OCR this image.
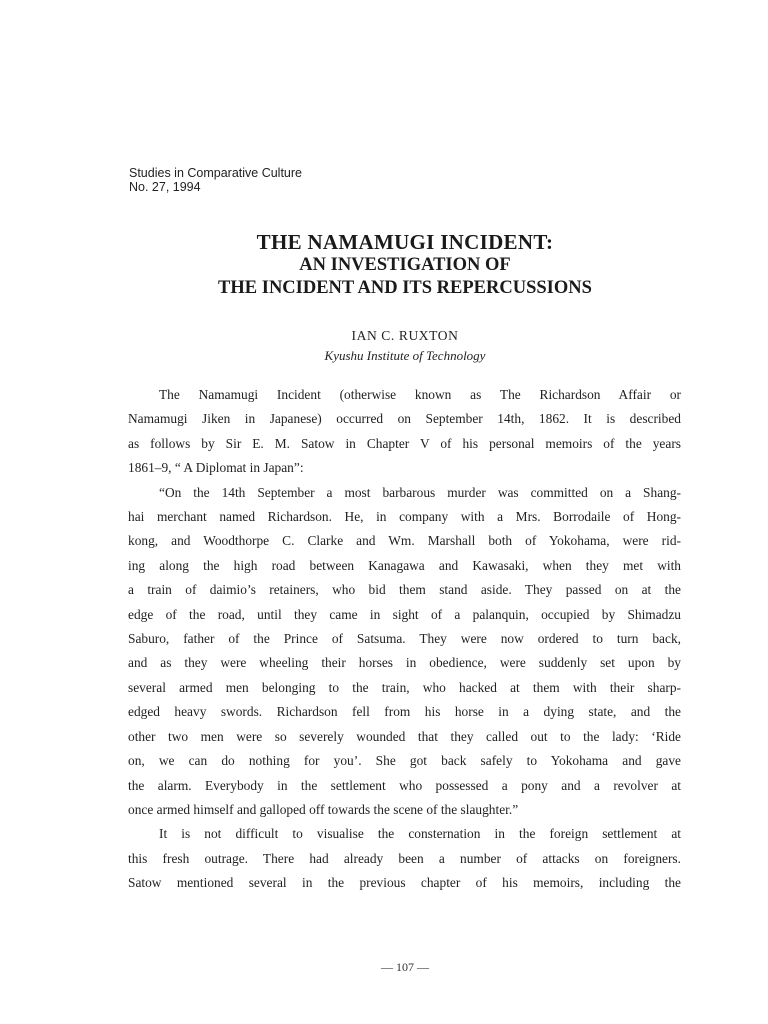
Studies in Comparative Culture
No. 27, 1994
THE NAMAMUGI INCIDENT:
AN INVESTIGATION OF
THE INCIDENT AND ITS REPERCUSSIONS
IAN C. RUXTON
Kyushu Institute of Technology
The Namamugi Incident (otherwise known as The Richardson Affair or
Namamugi Jiken in Japanese) occurred on September 14th, 1862. It is described
as follows by Sir E. M. Satow in Chapter V of his personal memoirs of the years
1861–9, “ A Diplomat in Japan”:
“On the 14th September a most barbarous murder was committed on a Shang-
hai merchant named Richardson. He, in company with a Mrs. Borrodaile of Hong-
kong, and Woodthorpe C. Clarke and Wm. Marshall both of Yokohama, were rid-
ing along the high road between Kanagawa and Kawasaki, when they met with
a train of daimio’s retainers, who bid them stand aside. They passed on at the
edge of the road, until they came in sight of a palanquin, occupied by Shimadzu
Saburo, father of the Prince of Satsuma. They were now ordered to turn back,
and as they were wheeling their horses in obedience, were suddenly set upon by
several armed men belonging to the train, who hacked at them with their sharp-
edged heavy swords. Richardson fell from his horse in a dying state, and the
other two men were so severely wounded that they called out to the lady: ‘Ride
on, we can do nothing for you’. She got back safely to Yokohama and gave
the alarm. Everybody in the settlement who possessed a pony and a revolver at
once armed himself and galloped off towards the scene of the slaughter.”
It is not difficult to visualise the consternation in the foreign settlement at
this fresh outrage. There had already been a number of attacks on foreigners.
Satow mentioned several in the previous chapter of his memoirs, including the
— 107 —
